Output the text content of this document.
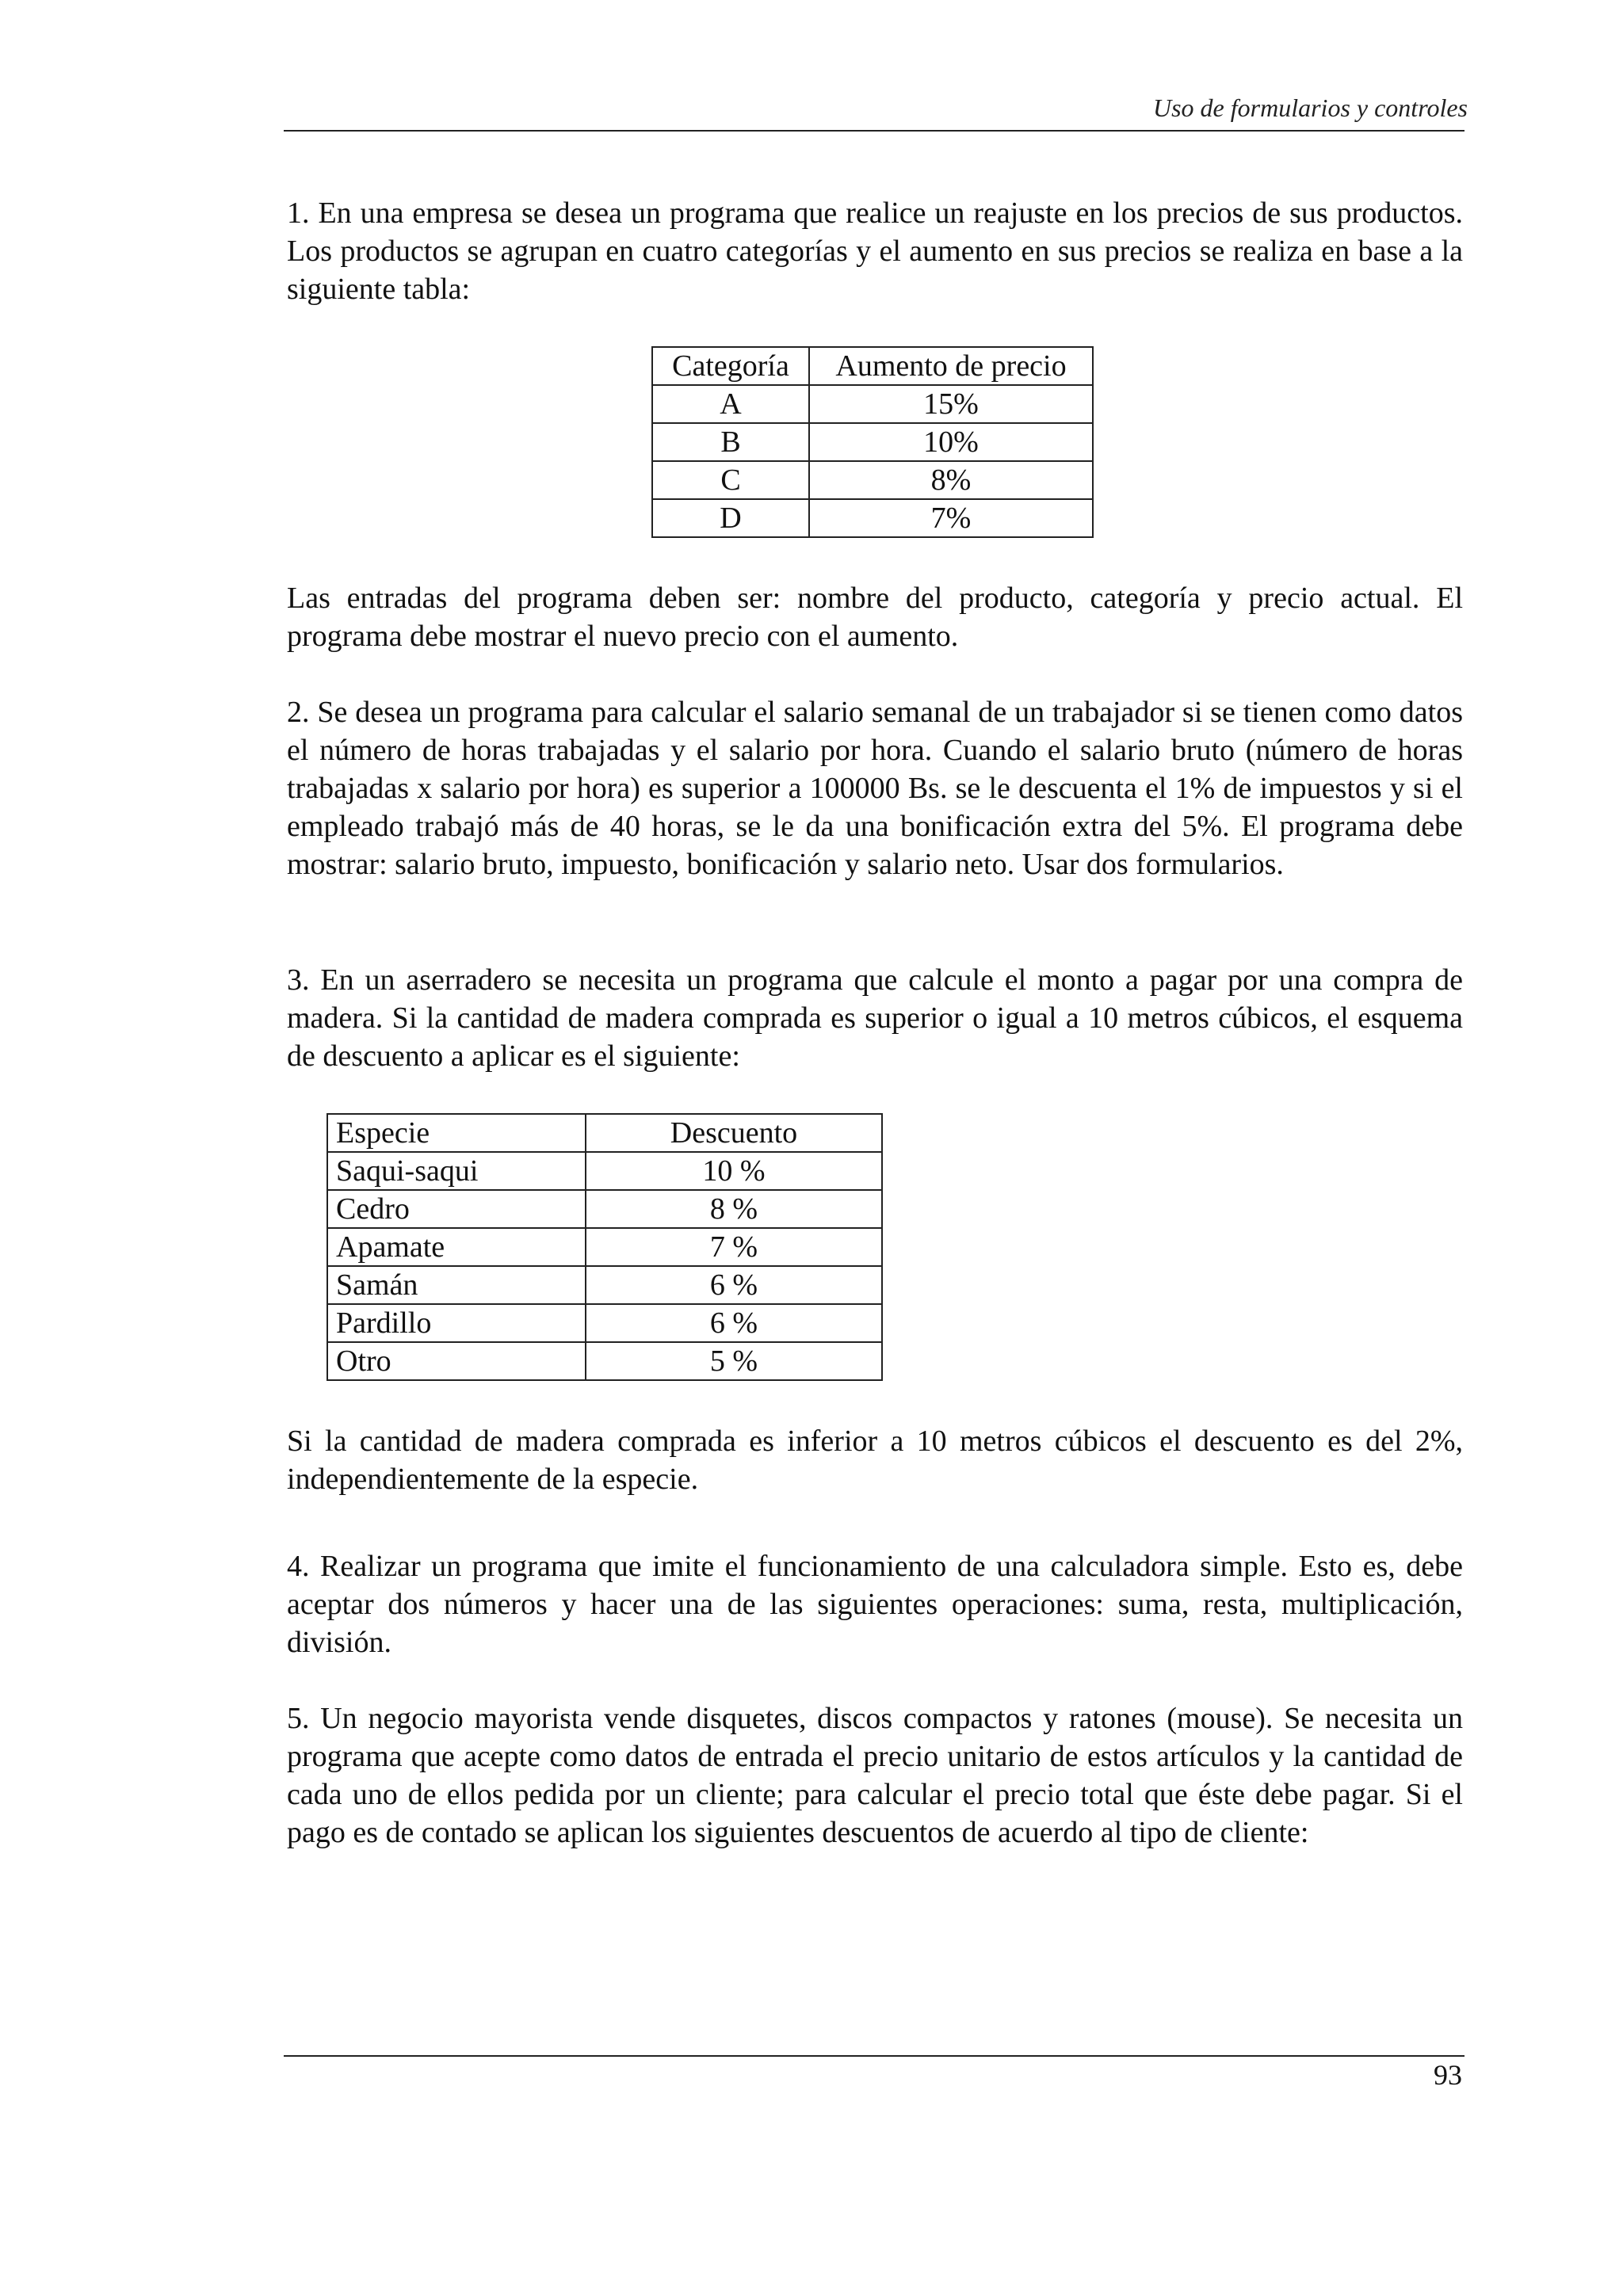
Uso de formularios y controles

1. En una empresa se desea un programa que realice un reajuste en los precios de sus productos. Los productos se agrupan en cuatro categorías y el aumento en sus precios se realiza en base a la siguiente tabla:

Categoría	Aumento de precio
A	15%
B	10%
C	8%
D	7%

Las entradas del programa deben ser: nombre del producto, categoría y precio actual. El programa debe mostrar el nuevo precio con el aumento.

2. Se desea un programa para calcular el salario semanal de un trabajador si se tienen como datos el número de horas trabajadas y el salario por hora. Cuando el salario bruto (número de horas trabajadas x salario por hora) es superior a 100000 Bs. se le descuenta el 1% de impuestos y si el empleado trabajó más de 40 horas, se le da una bonificación extra del 5%. El programa debe mostrar: salario bruto, impuesto, bonificación y salario neto. Usar dos formularios.

3. En un aserradero se necesita un programa que calcule el monto a pagar por una compra de madera. Si la cantidad de madera comprada es superior o igual a 10 metros cúbicos, el esquema de descuento a aplicar es el siguiente:

Especie	Descuento
Saqui-saqui	10 %
Cedro	8 %
Apamate	7 %
Samán	6 %
Pardillo	6 %
Otro	5 %

Si la cantidad de madera comprada es inferior a 10 metros cúbicos el descuento es del 2%, independientemente de la especie.

4. Realizar un programa que imite el funcionamiento de una calculadora simple. Esto es, debe aceptar dos números y hacer una de las siguientes operaciones: suma, resta, multiplicación, división.

5. Un negocio mayorista vende disquetes, discos compactos y ratones (mouse). Se necesita un programa que acepte como datos de entrada el precio unitario de estos artículos y la cantidad de cada uno de ellos pedida por un cliente; para calcular el precio total que éste debe pagar. Si el pago es de contado se aplican los siguientes descuentos de acuerdo al tipo de cliente:

93
